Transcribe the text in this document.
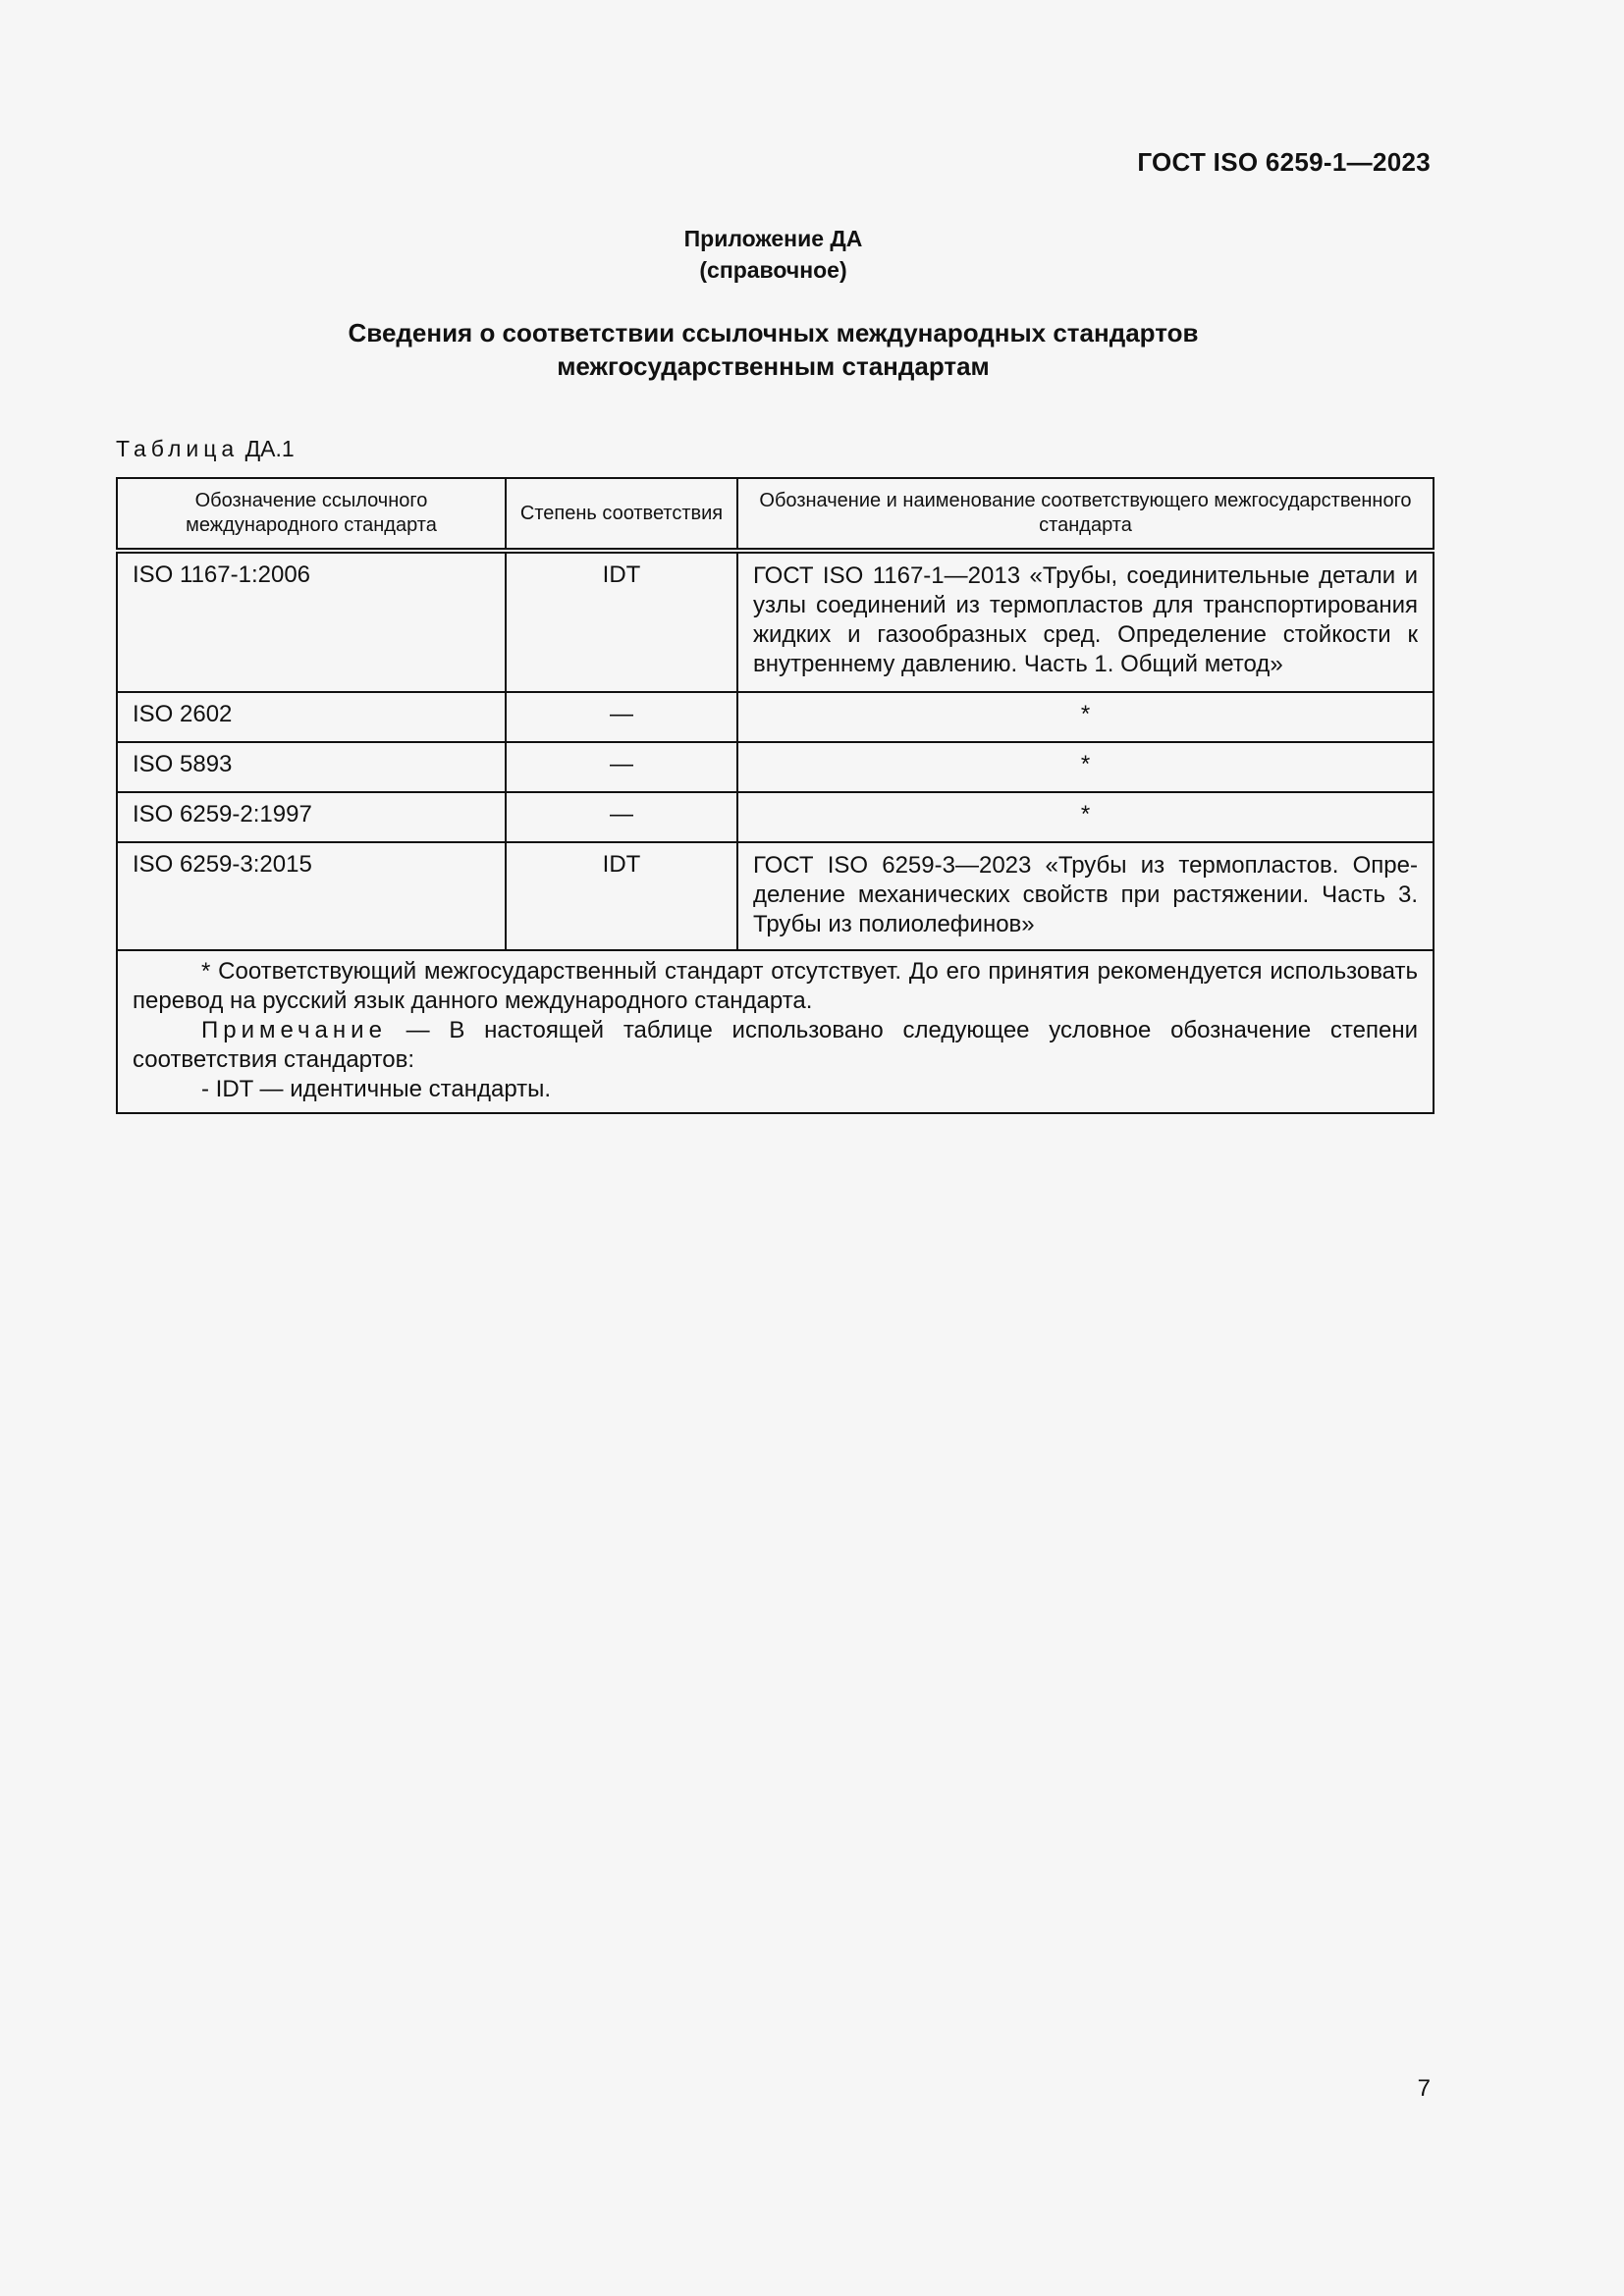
ГОСТ ISO 6259-1—2023
Приложение ДА
(справочное)
Сведения о соответствии ссылочных международных стандартов
межгосударственным стандартам
Таблица ДА.1
Обозначение ссылочного международного стандарта	Степень соответствия	Обозначение и наименование соответствующего межгосударственного стандарта
ISO 1167-1:2006	IDT	ГОСТ ISO 1167-1—2013 «Трубы, соединительные детали и узлы соединений из термопластов для транспортирования жидких и газообразных сред. Определение стойкости к внутреннему давлению. Часть 1. Общий метод»
ISO 2602	—	*
ISO 5893	—	*
ISO 6259-2:1997	—	*
ISO 6259-3:2015	IDT	ГОСТ ISO 6259-3—2023 «Трубы из термопластов. Определение механических свойств при растяжении. Часть 3. Трубы из полиолефинов»

* Соответствующий межгосударственный стандарт отсутствует. До его принятия рекомендуется использовать перевод на русский язык данного международного стандарта.

Примечание — В настоящей таблице использовано следующее условное обозначение степени соответствия стандартов:

- IDT — идентичные стандарты.		

7
